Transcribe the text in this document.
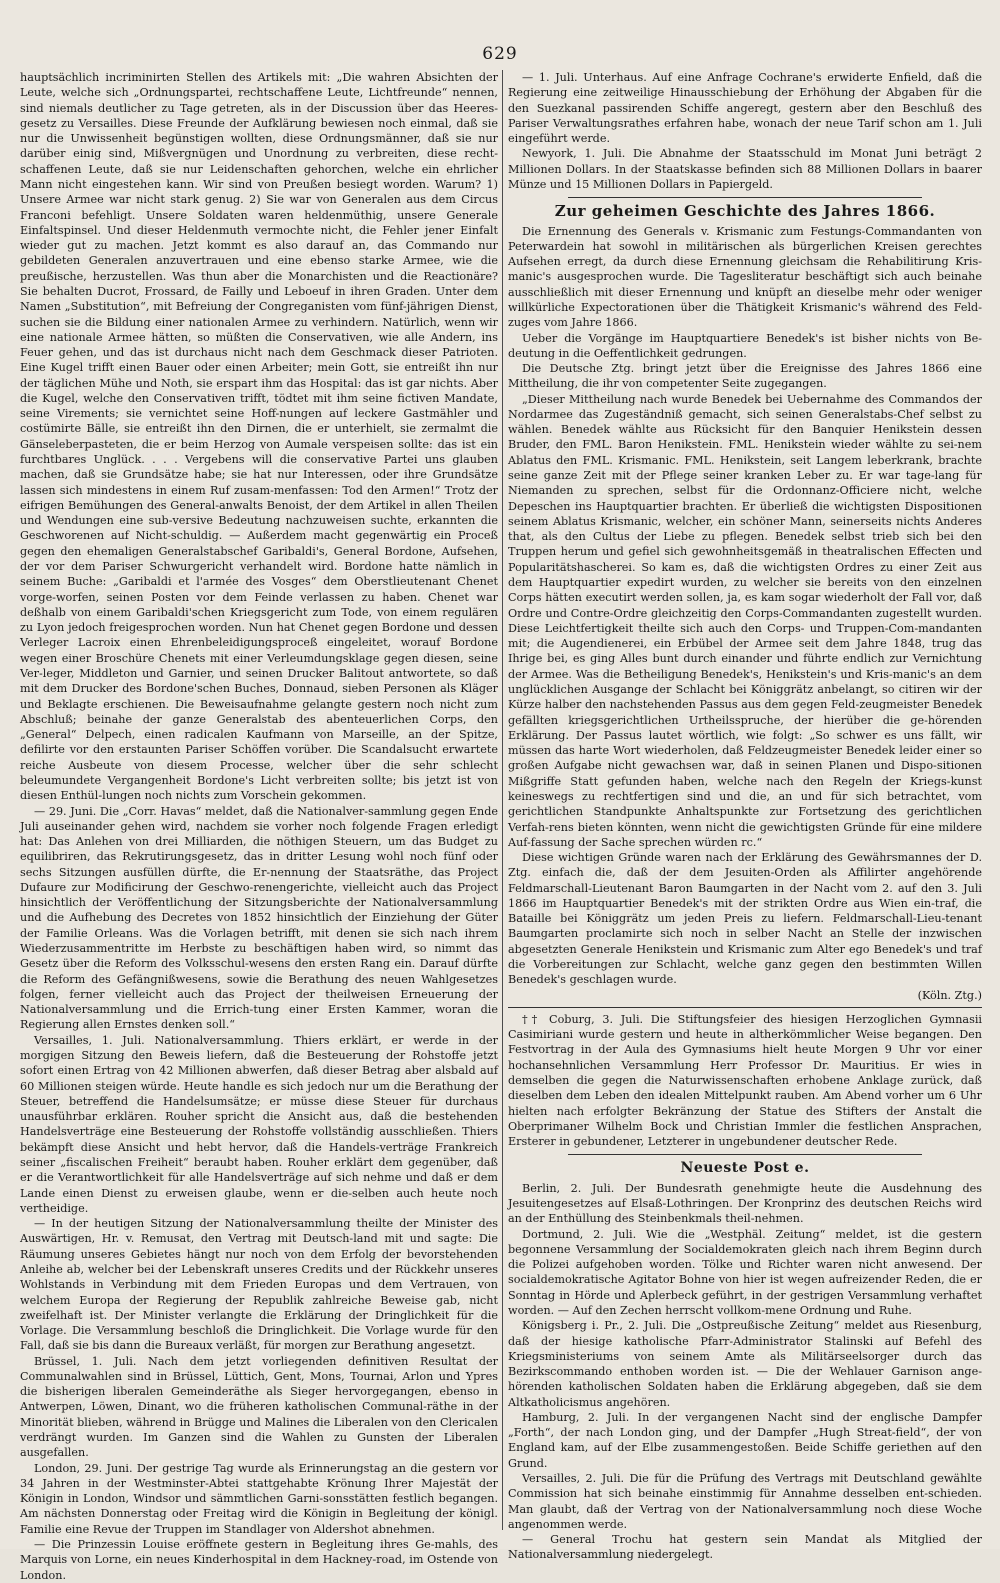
629

hauptsächlich incriminirten Stellen des Artikels mit: „Die wahren Absichten der Leute, welche sich „Ordnungspartei, rechtschaffene Leute, Lichtfreunde“ nennen, sind niemals deutlicher zu Tage getreten, als in der Discussion über das Heeres-gesetz zu Versailles. Diese Freunde der Aufklärung bewiesen noch einmal, daß sie nur die Unwissenheit begünstigen wollten, diese Ordnungsmänner, daß sie nur darüber einig sind, Mißvergnügen und Unordnung zu verbreiten, diese recht-schaffenen Leute, daß sie nur Leidenschaften gehorchen, welche ein ehrlicher Mann nicht eingestehen kann. Wir sind von Preußen besiegt worden. Warum? 1) Unsere Armee war nicht stark genug. 2) Sie war von Generalen aus dem Circus Franconi befehligt. Unsere Soldaten waren heldenmüthig, unsere Generale Einfaltspinsel. Und dieser Heldenmuth vermochte nicht, die Fehler jener Einfalt wieder gut zu machen. Jetzt kommt es also darauf an, das Commando nur gebildeten Generalen anzuvertrauen und eine ebenso starke Armee, wie die preußische, herzustellen. Was thun aber die Monarchisten und die Reactionäre? Sie behalten Ducrot, Frossard, de Failly und Leboeuf in ihren Graden. Unter dem Namen „Substitution“, mit Befreiung der Congreganisten vom fünf-jährigen Dienst, suchen sie die Bildung einer nationalen Armee zu verhindern. Natürlich, wenn wir eine nationale Armee hätten, so müßten die Conservativen, wie alle Andern, ins Feuer gehen, und das ist durchaus nicht nach dem Geschmack dieser Patrioten. Eine Kugel trifft einen Bauer oder einen Arbeiter; mein Gott, sie entreißt ihn nur der täglichen Mühe und Noth, sie erspart ihm das Hospital: das ist gar nichts. Aber die Kugel, welche den Conservativen trifft, tödtet mit ihm seine fictiven Mandate, seine Virements; sie vernichtet seine Hoff-nungen auf leckere Gastmähler und costümirte Bälle, sie entreißt ihn den Dirnen, die er unterhielt, sie zermalmt die Gänseleberpasteten, die er beim Herzog von Aumale verspeisen sollte: das ist ein furchtbares Unglück. . . . Vergebens will die conservative Partei uns glauben machen, daß sie Grundsätze habe; sie hat nur Interessen, oder ihre Grundsätze lassen sich mindestens in einem Ruf zusam-menfassen: Tod den Armen!“ Trotz der eifrigen Bemühungen des General-anwalts Benoist, der dem Artikel in allen Theilen und Wendungen eine sub-versive Bedeutung nachzuweisen suchte, erkannten die Geschworenen auf Nicht-schuldig. — Außerdem macht gegenwärtig ein Proceß gegen den ehemaligen Generalstabschef Garibaldi's, General Bordone, Aufsehen, der vor dem Pariser Schwurgericht verhandelt wird. Bordone hatte nämlich in seinem Buche: „Garibaldi et l'armée des Vosges“ dem Oberstlieutenant Chenet vorge-worfen, seinen Posten vor dem Feinde verlassen zu haben. Chenet war deßhalb von einem Garibaldi'schen Kriegsgericht zum Tode, von einem regulären zu Lyon jedoch freigesprochen worden. Nun hat Chenet gegen Bordone und dessen Verleger Lacroix einen Ehrenbeleidigungsproceß eingeleitet, worauf Bordone wegen einer Broschüre Chenets mit einer Verleumdungsklage gegen diesen, seine Ver-leger, Middleton und Garnier, und seinen Drucker Balitout antwortete, so daß mit dem Drucker des Bordone'schen Buches, Donnaud, sieben Personen als Kläger und Beklagte erschienen. Die Beweisaufnahme gelangte gestern noch nicht zum Abschluß; beinahe der ganze Generalstab des abenteuerlichen Corps, den „General“ Delpech, einen radicalen Kaufmann von Marseille, an der Spitze, defilirte vor den erstaunten Pariser Schöffen vorüber. Die Scandalsucht erwartete reiche Ausbeute von diesem Processe, welcher über die sehr schlecht beleumundete Vergangenheit Bordone's Licht verbreiten sollte; bis jetzt ist von diesen Enthül-lungen noch nichts zum Vorschein gekommen.

— 29. Juni. Die „Corr. Havas“ meldet, daß die Nationalver-sammlung gegen Ende Juli auseinander gehen wird, nachdem sie vorher noch folgende Fragen erledigt hat: Das Anlehen von drei Milliarden, die nöthigen Steuern, um das Budget zu equilibriren, das Rekrutirungsgesetz, das in dritter Lesung wohl noch fünf oder sechs Sitzungen ausfüllen dürfte, die Er-nennung der Staatsräthe, das Project Dufaure zur Modificirung der Geschwo-renengerichte, vielleicht auch das Project hinsichtlich der Veröffentlichung der Sitzungsberichte der Nationalversammlung und die Aufhebung des Decretes von 1852 hinsichtlich der Einziehung der Güter der Familie Orleans. Was die Vorlagen betrifft, mit denen sie sich nach ihrem Wiederzusammentritte im Herbste zu beschäftigen haben wird, so nimmt das Gesetz über die Reform des Volksschul-wesens den ersten Rang ein. Darauf dürfte die Reform des Gefängnißwesens, sowie die Berathung des neuen Wahlgesetzes folgen, ferner vielleicht auch das Project der theilweisen Erneuerung der Nationalversammlung und die Errich-tung einer Ersten Kammer, woran die Regierung allen Ernstes denken soll.“

Versailles, 1. Juli. Nationalversammlung. Thiers erklärt, er werde in der morgigen Sitzung den Beweis liefern, daß die Besteuerung der Rohstoffe jetzt sofort einen Ertrag von 42 Millionen abwerfen, daß dieser Betrag aber alsbald auf 60 Millionen steigen würde. Heute handle es sich jedoch nur um die Berathung der Steuer, betreffend die Handelsumsätze; er müsse diese Steuer für durchaus unausführbar erklären. Rouher spricht die Ansicht aus, daß die bestehenden Handelsverträge eine Besteuerung der Rohstoffe vollständig ausschließen. Thiers bekämpft diese Ansicht und hebt hervor, daß die Handels-verträge Frankreich seiner „fiscalischen Freiheit“ beraubt haben. Rouher erklärt dem gegenüber, daß er die Verantwortlichkeit für alle Handelsverträge auf sich nehme und daß er dem Lande einen Dienst zu erweisen glaube, wenn er die-selben auch heute noch vertheidige.

— In der heutigen Sitzung der Nationalversammlung theilte der Minister des Auswärtigen, Hr. v. Remusat, den Vertrag mit Deutsch-land mit und sagte: Die Räumung unseres Gebietes hängt nur noch von dem Erfolg der bevorstehenden Anleihe ab, welcher bei der Lebenskraft unseres Credits und der Rückkehr unseres Wohlstands in Verbindung mit dem Frieden Europas und dem Vertrauen, von welchem Europa der Regierung der Republik zahlreiche Beweise gab, nicht zweifelhaft ist. Der Minister verlangte die Erklärung der Dringlichkeit für die Vorlage. Die Versammlung beschloß die Dringlichkeit. Die Vorlage wurde für den Fall, daß sie bis dann die Bureaux verläßt, für morgen zur Berathung angesetzt.

Brüssel, 1. Juli. Nach dem jetzt vorliegenden definitiven Resultat der Communalwahlen sind in Brüssel, Lüttich, Gent, Mons, Tournai, Arlon und Ypres die bisherigen liberalen Gemeinderäthe als Sieger hervorgegangen, ebenso in Antwerpen, Löwen, Dinant, wo die früheren katholischen Communal-räthe in der Minorität blieben, während in Brügge und Malines die Liberalen von den Clericalen verdrängt wurden. Im Ganzen sind die Wahlen zu Gunsten der Liberalen ausgefallen.

London, 29. Juni. Der gestrige Tag wurde als Erinnerungstag an die gestern vor 34 Jahren in der Westminster-Abtei stattgehabte Krönung Ihrer Majestät der Königin in London, Windsor und sämmtlichen Garni-sonsstätten festlich begangen. Am nächsten Donnerstag oder Freitag wird die Königin in Begleitung der königl. Familie eine Revue der Truppen im Standlager von Aldershot abnehmen.

— Die Prinzessin Louise eröffnete gestern in Begleitung ihres Ge-mahls, des Marquis von Lorne, ein neues Kinderhospital in dem Hackney-road, im Ostende von London.

— 1. Juli. Unterhaus. Auf eine Anfrage Cochrane's erwiderte Enfield, daß die Regierung eine zeitweilige Hinausschiebung der Erhöhung der Abgaben für die den Suezkanal passirenden Schiffe angeregt, gestern aber den Beschluß des Pariser Verwaltungsrathes erfahren habe, wonach der neue Tarif schon am 1. Juli eingeführt werde.

Newyork, 1. Juli. Die Abnahme der Staatsschuld im Monat Juni beträgt 2 Millionen Dollars. In der Staatskasse befinden sich 88 Millionen Dollars in baarer Münze und 15 Millionen Dollars in Papiergeld.

Zur geheimen Geschichte des Jahres 1866.

Die Ernennung des Generals v. Krismanic zum Festungs-Commandanten von Peterwardein hat sowohl in militärischen als bürgerlichen Kreisen gerechtes Aufsehen erregt, da durch diese Ernennung gleichsam die Rehabilitirung Kris-manic's ausgesprochen wurde. Die Tagesliteratur beschäftigt sich auch beinahe ausschließlich mit dieser Ernennung und knüpft an dieselbe mehr oder weniger willkürliche Expectorationen über die Thätigkeit Krismanic's während des Feld-zuges vom Jahre 1866.

Ueber die Vorgänge im Hauptquartiere Benedek's ist bisher nichts von Be-deutung in die Oeffentlichkeit gedrungen.

Die Deutsche Ztg. bringt jetzt über die Ereignisse des Jahres 1866 eine Mittheilung, die ihr von competenter Seite zugegangen.

„Dieser Mittheilung nach wurde Benedek bei Uebernahme des Commandos der Nordarmee das Zugeständniß gemacht, sich seinen Generalstabs-Chef selbst zu wählen. Benedek wählte aus Rücksicht für den Banquier Henikstein dessen Bruder, den FML. Baron Henikstein. FML. Henikstein wieder wählte zu sei-nem Ablatus den FML. Krismanic. FML. Henikstein, seit Langem leberkrank, brachte seine ganze Zeit mit der Pflege seiner kranken Leber zu. Er war tage-lang für Niemanden zu sprechen, selbst für die Ordonnanz-Officiere nicht, welche Depeschen ins Hauptquartier brachten. Er überließ die wichtigsten Dispositionen seinem Ablatus Krismanic, welcher, ein schöner Mann, seinerseits nichts Anderes that, als den Cultus der Liebe zu pflegen. Benedek selbst trieb sich bei den Truppen herum und gefiel sich gewohnheitsgemäß in theatralischen Effecten und Popularitätshascherei. So kam es, daß die wichtigsten Ordres zu einer Zeit aus dem Hauptquartier expedirt wurden, zu welcher sie bereits von den einzelnen Corps hätten executirt werden sollen, ja, es kam sogar wiederholt der Fall vor, daß Ordre und Contre-Ordre gleichzeitig den Corps-Commandanten zugestellt wurden. Diese Leichtfertigkeit theilte sich auch den Corps- und Truppen-Com-mandanten mit; die Augendienerei, ein Erbübel der Armee seit dem Jahre 1848, trug das Ihrige bei, es ging Alles bunt durch einander und führte endlich zur Vernichtung der Armee. Was die Betheiligung Benedek's, Henikstein's und Kris-manic's an dem unglücklichen Ausgange der Schlacht bei Königgrätz anbelangt, so citiren wir der Kürze halber den nachstehenden Passus aus dem gegen Feld-zeugmeister Benedek gefällten kriegsgerichtlichen Urtheilsspruche, der hierüber die ge-hörenden Erklärung. Der Passus lautet wörtlich, wie folgt: „So schwer es uns fällt, wir müssen das harte Wort wiederholen, daß Feldzeugmeister Benedek leider einer so großen Aufgabe nicht gewachsen war, daß in seinen Planen und Dispo-sitionen Mißgriffe Statt gefunden haben, welche nach den Regeln der Kriegs-kunst keineswegs zu rechtfertigen sind und die, an und für sich betrachtet, vom gerichtlichen Standpunkte Anhaltspunkte zur Fortsetzung des gerichtlichen Verfah-rens bieten könnten, wenn nicht die gewichtigsten Gründe für eine mildere Auf-fassung der Sache sprechen würden rc.“

Diese wichtigen Gründe waren nach der Erklärung des Gewährsmannes der D. Ztg. einfach die, daß der dem Jesuiten-Orden als Affilirter angehörende Feldmarschall-Lieutenant Baron Baumgarten in der Nacht vom 2. auf den 3. Juli 1866 im Hauptquartier Benedek's mit der strikten Ordre aus Wien ein-traf, die Bataille bei Königgrätz um jeden Preis zu liefern. Feldmarschall-Lieu-tenant Baumgarten proclamirte sich noch in selber Nacht an Stelle der inzwischen abgesetzten Generale Henikstein und Krismanic zum Alter ego Benedek's und traf die Vorbereitungen zur Schlacht, welche ganz gegen den bestimmten Willen Benedek's geschlagen wurde.

(Köln. Ztg.)

†† Coburg, 3. Juli. Die Stiftungsfeier des hiesigen Herzoglichen Gymnasii Casimiriani wurde gestern und heute in altherkömmlicher Weise begangen. Den Festvortrag in der Aula des Gymnasiums hielt heute Morgen 9 Uhr vor einer hochansehnlichen Versammlung Herr Professor Dr. Mauritius. Er wies in demselben die gegen die Naturwissenschaften erhobene Anklage zurück, daß dieselben dem Leben den idealen Mittelpunkt rauben. Am Abend vorher um 6 Uhr hielten nach erfolgter Bekränzung der Statue des Stifters der Anstalt die Oberprimaner Wilhelm Bock und Christian Immler die festlichen Ansprachen, Ersterer in gebundener, Letzterer in ungebundener deutscher Rede.

Neueste Post e.

Berlin, 2. Juli. Der Bundesrath genehmigte heute die Ausdehnung des Jesuitengesetzes auf Elsaß-Lothringen. Der Kronprinz des deutschen Reichs wird an der Enthüllung des Steinbenkmals theil-nehmen.

Dortmund, 2. Juli. Wie die „Westphäl. Zeitung“ meldet, ist die gestern begonnene Versammlung der Socialdemokraten gleich nach ihrem Beginn durch die Polizei aufgehoben worden. Tölke und Richter waren nicht anwesend. Der socialdemokratische Agitator Bohne von hier ist wegen aufreizender Reden, die er Sonntag in Hörde und Aplerbeck geführt, in der gestrigen Versammlung verhaftet worden. — Auf den Zechen herrscht vollkom-mene Ordnung und Ruhe.

Königsberg i. Pr., 2. Juli. Die „Ostpreußische Zeitung“ meldet aus Riesenburg, daß der hiesige katholische Pfarr-Administrator Stalinski auf Befehl des Kriegsministeriums von seinem Amte als Militärseelsorger durch das Bezirkscommando enthoben worden ist. — Die der Wehlauer Garnison ange-hörenden katholischen Soldaten haben die Erklärung abgegeben, daß sie dem Altkatholicismus angehören.

Hamburg, 2. Juli. In der vergangenen Nacht sind der englische Dampfer „Forth“, der nach London ging, und der Dampfer „Hugh Streat-field“, der von England kam, auf der Elbe zusammengestoßen. Beide Schiffe geriethen auf den Grund.

Versailles, 2. Juli. Die für die Prüfung des Vertrags mit Deutschland gewählte Commission hat sich beinahe einstimmig für Annahme desselben ent-schieden. Man glaubt, daß der Vertrag von der Nationalversammlung noch diese Woche angenommen werde.

— General Trochu hat gestern sein Mandat als Mitglied der Nationalversammlung niedergelegt.
